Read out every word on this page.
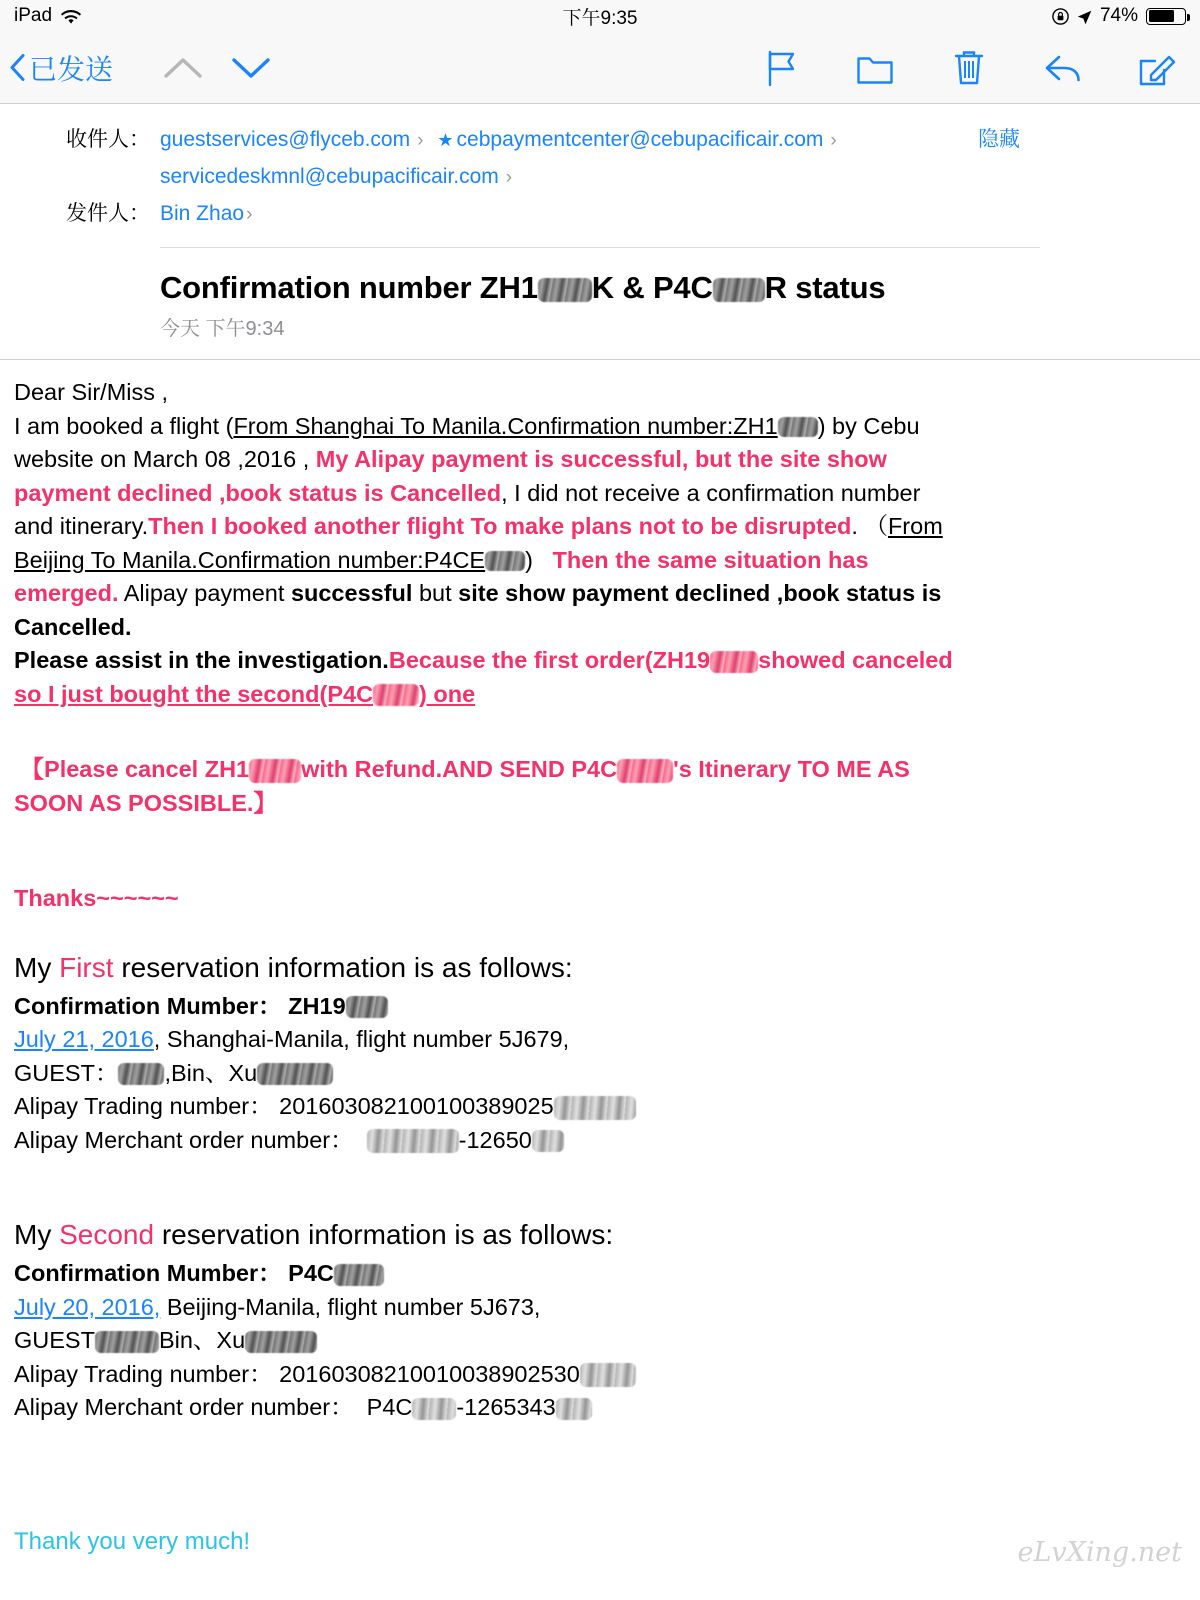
iPad	下午9:35	74%
已发送
收件人： guestservices@flyceb.com › ★ cebpaymentcenter@cebupacificair.com ›	隐藏
servicedeskmnl@cebupacificair.com ›
发件人： Bin Zhao ›
Confirmation number ZH1 K & P4C R status
今天 下午9:34

Dear Sir/Miss ,

I am booked a flight (From Shanghai To Manila.Confirmation number:ZH1 ) by Cebu

website on March 08 ,2016 , My Alipay payment is successful, but the site show

payment declined ,book status is Cancelled, I did not receive a confirmation number

and itinerary.Then I booked another flight To make plans not to be disrupted. （From

Beijing To Manila.Confirmation number:P4CE ) Then the same situation has

emerged. Alipay payment successful but site show payment declined ,book status is

Cancelled.

Please assist in the investigation.Because the first order(ZH19 showed canceled

so I just bought the second(P4C ) one

【Please cancel ZH1 with Refund.AND SEND P4C 's Itinerary TO ME AS

SOON AS POSSIBLE.】

Thanks~~~~~~

My First reservation information is as follows:

Confirmation Mumber： ZH19

July 21, 2016, Shanghai-Manila, flight number 5J679,

GUEST： ,Bin、Xu

Alipay Trading number： 201603082100100389025

Alipay Merchant order number：	-12650

My Second reservation information is as follows:

Confirmation Mumber： P4C

July 20, 2016, Beijing-Manila, flight number 5J673,

GUEST	Bin、Xu

Alipay Trading number： 20160308210010038902530

Alipay Merchant order number： P4C -1265343

Thank you very much!	eLvXing.net
